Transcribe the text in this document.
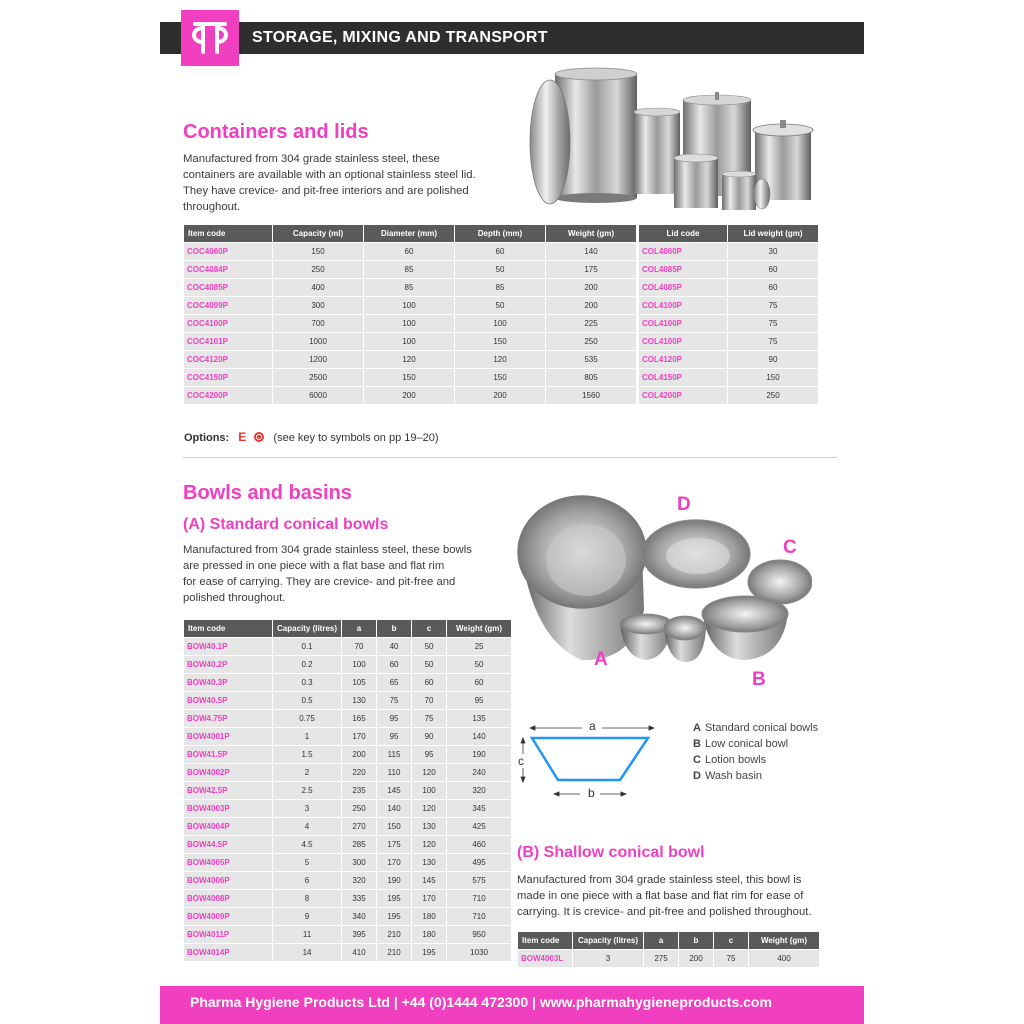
STORAGE, MIXING AND TRANSPORT
Containers and lids
Manufactured from 304 grade stainless steel, these
containers are available with an optional stainless steel lid.
They have crevice- and pit-free interiors and are polished
throughout.
Item code	Capacity (ml)	Diameter (mm)	Depth (mm)	Weight (gm)
COC4060P	150	60	60	140
COC4084P	250	85	50	175
COC4085P	400	85	85	200
COC4099P	300	100	50	200
COC4100P	700	100	100	225
COC4101P	1000	100	150	250
COC4120P	1200	120	120	535
COC4150P	2500	150	150	805
COC4200P	6000	200	200	1560
Lid code	Lid weight (gm)
COL4060P	30
COL4085P	60
COL4085P	60
COL4100P	75
COL4100P	75
COL4100P	75
COL4120P	90
COL4150P	150
COL4200P	250
Options: E (see key to symbols on pp 19–20)
Bowls and basins
(A) Standard conical bowls
Manufactured from 304 grade stainless steel, these bowls
are pressed in one piece with a flat base and flat rim
for ease of carrying. They are crevice- and pit-free and
polished throughout.
D
C
A
B
a
c
b
A Standard conical bowls
B Low conical bowl
C Lotion bowls
D Wash basin
Item code	Capacity (litres)	a	b	c	Weight (gm)
BOW40.1P	0.1	70	40	50	25
BOW40.2P	0.2	100	60	50	50
BOW40.3P	0.3	105	65	60	60
BOW40.5P	0.5	130	75	70	95
BOW4.75P	0.75	165	95	75	135
BOW4001P	1	170	95	90	140
BOW41.5P	1.5	200	115	95	190
BOW4002P	2	220	110	120	240
BOW42.5P	2.5	235	145	100	320
BOW4003P	3	250	140	120	345
BOW4004P	4	270	150	130	425
BOW44.5P	4.5	285	175	120	460
BOW4005P	5	300	170	130	495
BOW4006P	6	320	190	145	575
BOW4008P	8	335	195	170	710
BOW4009P	9	340	195	180	710
BOW4011P	11	395	210	180	950
BOW4014P	14	410	210	195	1030
(B) Shallow conical bowl
Manufactured from 304 grade stainless steel, this bowl is
made in one piece with a flat base and flat rim for ease of
carrying. It is crevice- and pit-free and polished throughout.
Item code	Capacity (litres)	a	b	c	Weight (gm)
BOW4003L	3	275	200	75	400
Pharma Hygiene Products Ltd | +44 (0)1444 472300 | www.pharmahygieneproducts.com
